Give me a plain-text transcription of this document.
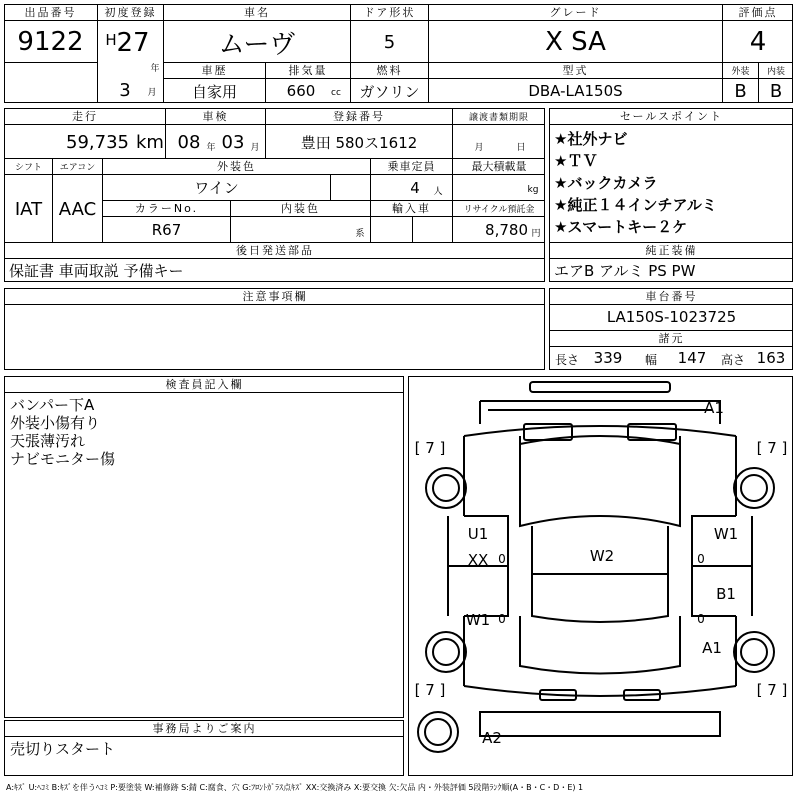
出品番号
9122
初度登録
H 27
年
3	月
車名
ムーヴ
ドア形状
5
グレード
X SA
評価点
4
外装	内装
B	B
車歴
自家用
排気量
660	cc
燃料
ガソリン
型式
DBA-LA150S
走行
59,735 km
車検
08 年 03 月
登録番号
豊田 580ス1612
譲渡書類期限
月	日
シフト
IAT
エアコン
AAC
外装色
ワイン
乗車定員
4	人
最大積載量
kg
カラーNo.
R67
内装色
系
輸入車	リサイクル預託金
8,780 円
後日発送部品
保証書 車両取説 予備キー
セールスポイント
★社外ナビ
★ＴＶ
★バックカメラ
★純正１４インチアルミ
★スマートキー２ケ
純正装備
エアB アルミ PS PW
注意事項欄	車台番号
LA150S-1023725
諸元
長さ 339	幅	147	高さ 163
検査員記入欄
バンパー下A
外装小傷有り
天張薄汚れ
ナビモニター傷
事務局よりご案内
売切りスタート
A1
[ 7 ]	[ 7 ]
U1
XX 0	W2
W1
0
W1 0
B1
0
A1
[ 7 ]	[ 7 ]
A2
A:ｷｽﾞ U:ﾍｺﾐ B:ｷｽﾞを伴うﾍｺﾐ P:要塗装 W:補修跡 S:錆 C:腐食、穴 G:ﾌﾛﾝﾄｶﾞﾗｽ点ｷｽﾞ XX:交換済み X:要交換 欠:欠品 内・外装評価 5段階ﾗﾝｸ順(A・B・C・D・E) 1
